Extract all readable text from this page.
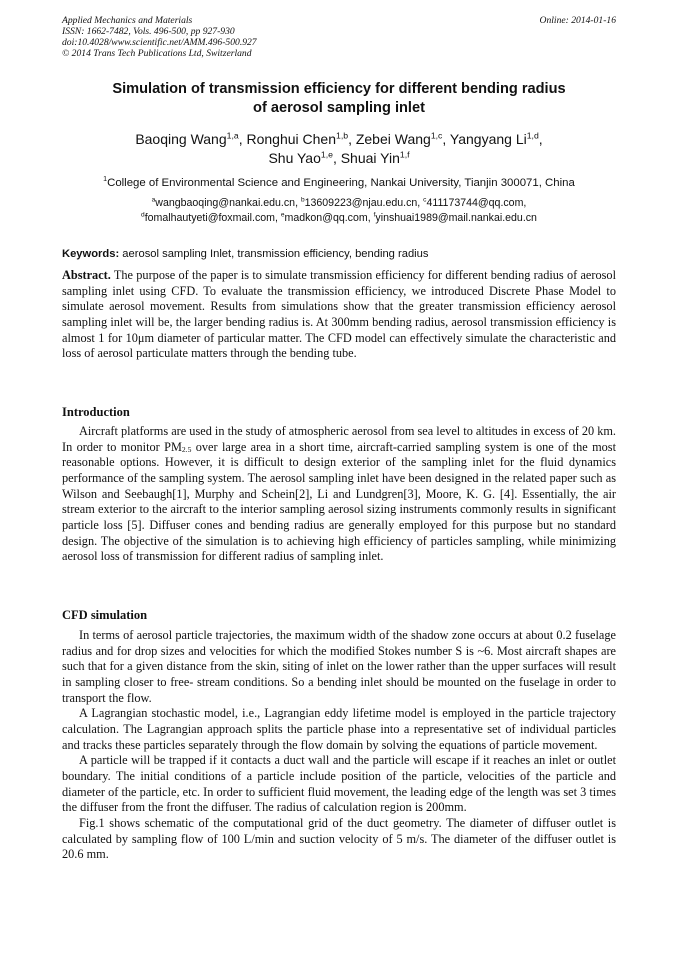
Applied Mechanics and Materials
ISSN: 1662-7482, Vols. 496-500, pp 927-930
doi:10.4028/www.scientific.net/AMM.496-500.927
© 2014 Trans Tech Publications Ltd, Switzerland
Online: 2014-01-16
Simulation of transmission efficiency for different bending radius
of aerosol sampling inlet
Baoqing Wang$^{1,a}$, Ronghui Chen$^{1,b}$, Zebei Wang$^{1,c}$, Yangyang Li$^{1,d}$,
Shu Yao$^{1,e}$, Shuai Yin$^{1,f}$
$^1$College of Environmental Science and Engineering, Nankai University, Tianjin 300071, China
$^a$wangbaoqing@nankai.edu.cn, $^b$13609223@njau.edu.cn, $^c$411173744@qq.com,
$^d$fomalhautyeti@foxmail.com, $^e$madkon@qq.com, $^f$yinshuai1989@mail.nankai.edu.cn
Keywords: aerosol sampling Inlet, transmission efficiency, bending radius

Abstract. The purpose of the paper is to simulate transmission efficiency for different bending radius of aerosol sampling inlet using CFD. To evaluate the transmission efficiency, we introduced Discrete Phase Model to simulate aerosol movement. Results from simulations show that the greater transmission efficiency aerosol sampling inlet will be, the larger bending radius is. At 300mm bending radius, aerosol transmission efficiency is almost 1 for 10μm diameter of particular matter. The CFD model can effectively simulate the characteristic and loss of aerosol particulate matters through the bending tube.

Introduction

Aircraft platforms are used in the study of atmospheric aerosol from sea level to altitudes in excess of 20 km. In order to monitor $PM_{2.5}$ over large area in a short time, aircraft-carried sampling system is one of the most reasonable options. However, it is difficult to design exterior of the sampling inlet for the fluid dynamics performance of the sampling system. The aerosol sampling inlet have been designed in the related paper such as Wilson and Seebaugh[1], Murphy and Schein[2], Li and Lundgren[3], Moore, K. G. [4]. Essentially, the air stream exterior to the aircraft to the interior sampling aerosol sizing instruments commonly results in significant particle loss [5]. Diffuser cones and bending radius are generally employed for this purpose but no standard design. The objective of the simulation is to achieving high efficiency of particles sampling, while minimizing aerosol loss of transmission for different radius of sampling inlet.

CFD simulation

In terms of aerosol particle trajectories, the maximum width of the shadow zone occurs at about 0.2 fuselage radius and for drop sizes and velocities for which the modified Stokes number S is ~6. Most aircraft shapes are such that for a given distance from the skin, siting of inlet on the lower rather than the upper surfaces will result in sampling closer to free- stream conditions. So a bending inlet should be mounted on the fuselage in order to transport the flow.

A Lagrangian stochastic model, i.e., Lagrangian eddy lifetime model is employed in the particle trajectory calculation. The Lagrangian approach splits the particle phase into a representative set of individual particles and tracks these particles separately through the flow domain by solving the equations of particle movement.

A particle will be trapped if it contacts a duct wall and the particle will escape if it reaches an inlet or outlet boundary. The initial conditions of a particle include position of the particle, velocities of the particle and diameter of the particle, etc. In order to sufficient fluid movement, the leading edge of the length was set 3 times the diffuser from the front the diffuser. The radius of calculation region is 200mm.

Fig.1 shows schematic of the computational grid of the duct geometry. The diameter of diffuser outlet is calculated by sampling flow of 100 L/min and suction velocity of 5 m/s. The diameter of the diffuser outlet is 20.6 mm.
